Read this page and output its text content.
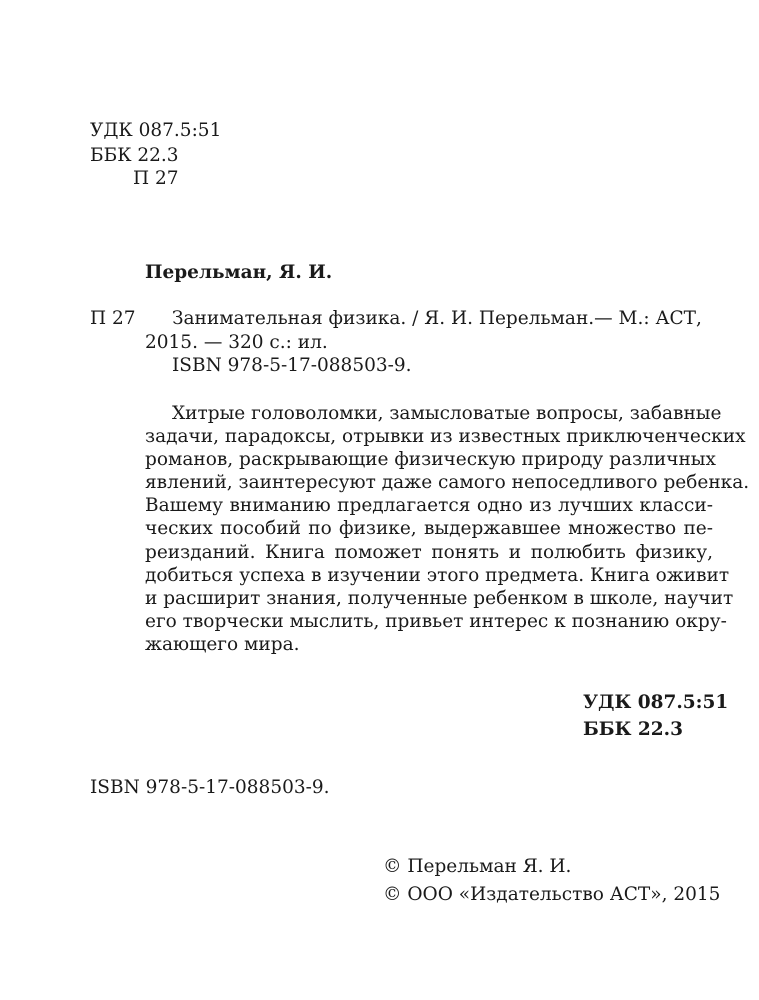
УДК 087.5:51
ББК 22.3
П 27
Перельман, Я. И.
П 27 Занимательная физика. / Я. И. Перельман.— М.: АСТ,
2015. — 320 с.: ил.
ISBN 978-5-17-088503-9.
Хитрые головоломки, замысловатые вопросы, забавные
задачи, парадоксы, отрывки из известных приключенческих
романов, раскрывающие физическую природу различных
явлений, заинтересуют даже самого непоседливого ребенка.
Вашему вниманию предлагается одно из лучших класси-
ческих пособий по физике, выдержавшее множество пе-
реизданий. Книга поможет понять и полюбить физику,
добиться успеха в изучении этого предмета. Книга оживит
и расширит знания, полученные ребенком в школе, научит
его творчески мыслить, привьет интерес к познанию окру-
жающего мира.
УДК 087.5:51
ББК 22.3
ISBN 978-5-17-088503-9.
© Перельман Я. И.
© ООО «Издательство АСТ», 2015
